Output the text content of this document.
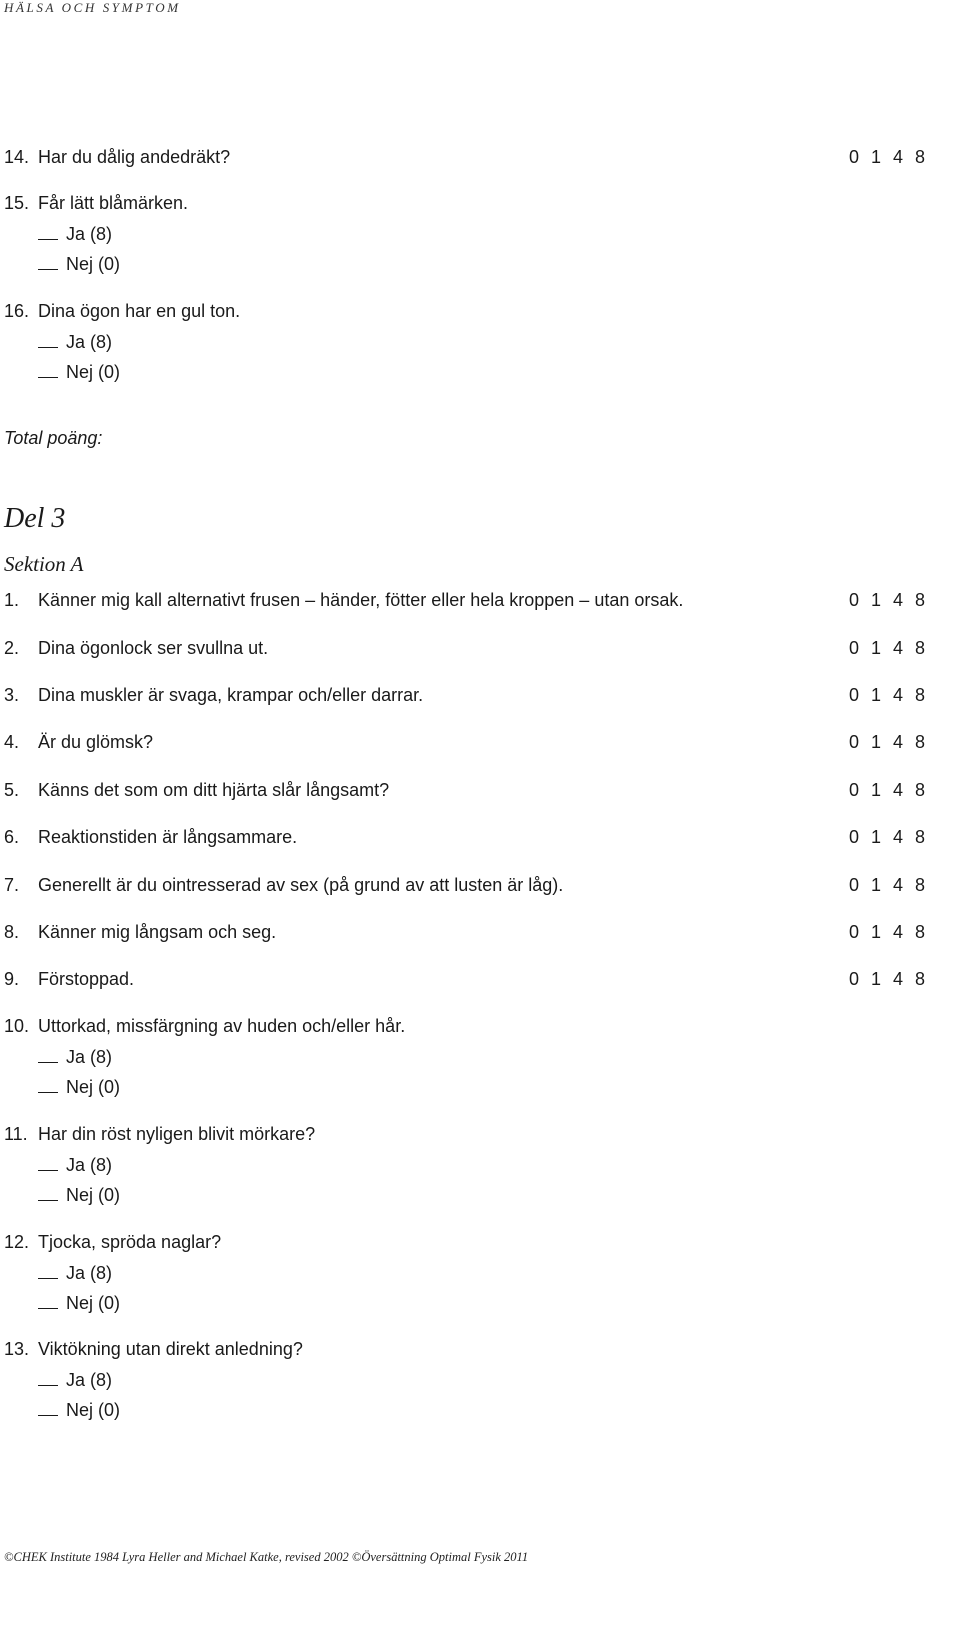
HÄLSA OCH SYMPTOM
14. Har du dålig andedräkt?	0 1 4 8
15. Får lätt blåmärken.
Ja (8)
Nej (0)
16. Dina ögon har en gul ton.
Ja (8)
Nej (0)
Total poäng:
Del 3
Sektion A
1. Känner mig kall alternativt frusen – händer, fötter eller hela kroppen – utan orsak.	0 1 4 8
2. Dina ögonlock ser svullna ut.	0 1 4 8
3. Dina muskler är svaga, krampar och/eller darrar.	0 1 4 8
4. Är du glömsk?	0 1 4 8
5. Känns det som om ditt hjärta slår långsamt?	0 1 4 8
6. Reaktionstiden är långsammare.	0 1 4 8
7. Generellt är du ointresserad av sex (på grund av att lusten är låg).	0 1 4 8
8. Känner mig långsam och seg.	0 1 4 8
9. Förstoppad.	0 1 4 8
10. Uttorkad, missfärgning av huden och/eller hår.
Ja (8)
Nej (0)
11. Har din röst nyligen blivit mörkare?
Ja (8)
Nej (0)
12. Tjocka, spröda naglar?
Ja (8)
Nej (0)
13. Viktökning utan direkt anledning?
Ja (8)
Nej (0)
©CHEK Institute 1984 Lyra Heller and Michael Katke, revised 2002 ©Översättning Optimal Fysik 2011
